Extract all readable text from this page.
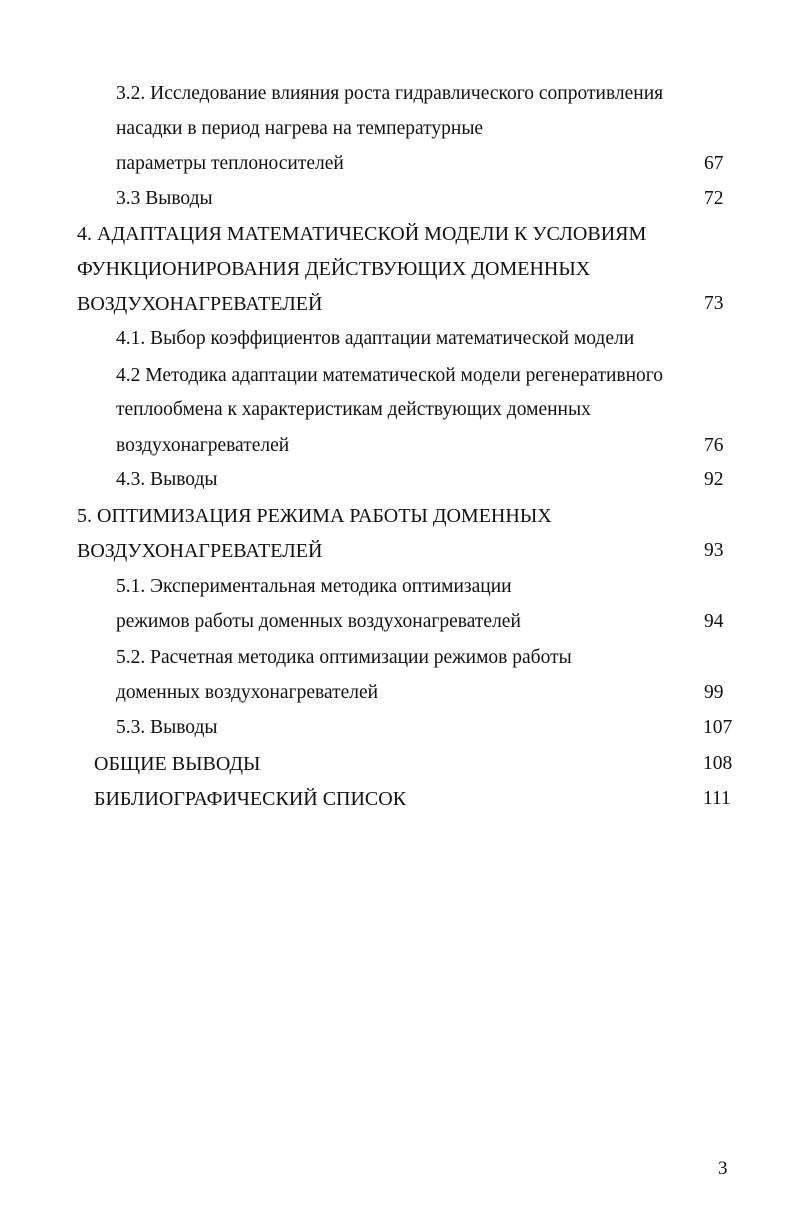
3.2. Исследование влияния роста гидравлического сопротивления
насадки в период нагрева на температурные
параметры теплоносителей	67
3.3 Выводы	72
4. АДАПТАЦИЯ МАТЕМАТИЧЕСКОЙ МОДЕЛИ К УСЛОВИЯМ
ФУНКЦИОНИРОВАНИЯ ДЕЙСТВУЮЩИХ ДОМЕННЫХ
ВОЗДУХОНАГРЕВАТЕЛЕЙ	73
4.1. Выбор коэффициентов адаптации математической модели
4.2 Методика адаптации математической модели регенеративного
теплообмена к характеристикам действующих доменных
воздухонагревателей	76
4.3. Выводы	92
5. ОПТИМИЗАЦИЯ РЕЖИМА РАБОТЫ ДОМЕННЫХ
ВОЗДУХОНАГРЕВАТЕЛЕЙ	93
5.1. Экспериментальная методика оптимизации
режимов работы доменных воздухонагревателей	94
5.2. Расчетная методика оптимизации режимов работы
доменных воздухонагревателей	99
5.3. Выводы	107
ОБЩИЕ ВЫВОДЫ	108
БИБЛИОГРАФИЧЕСКИЙ СПИСОК	111
3
